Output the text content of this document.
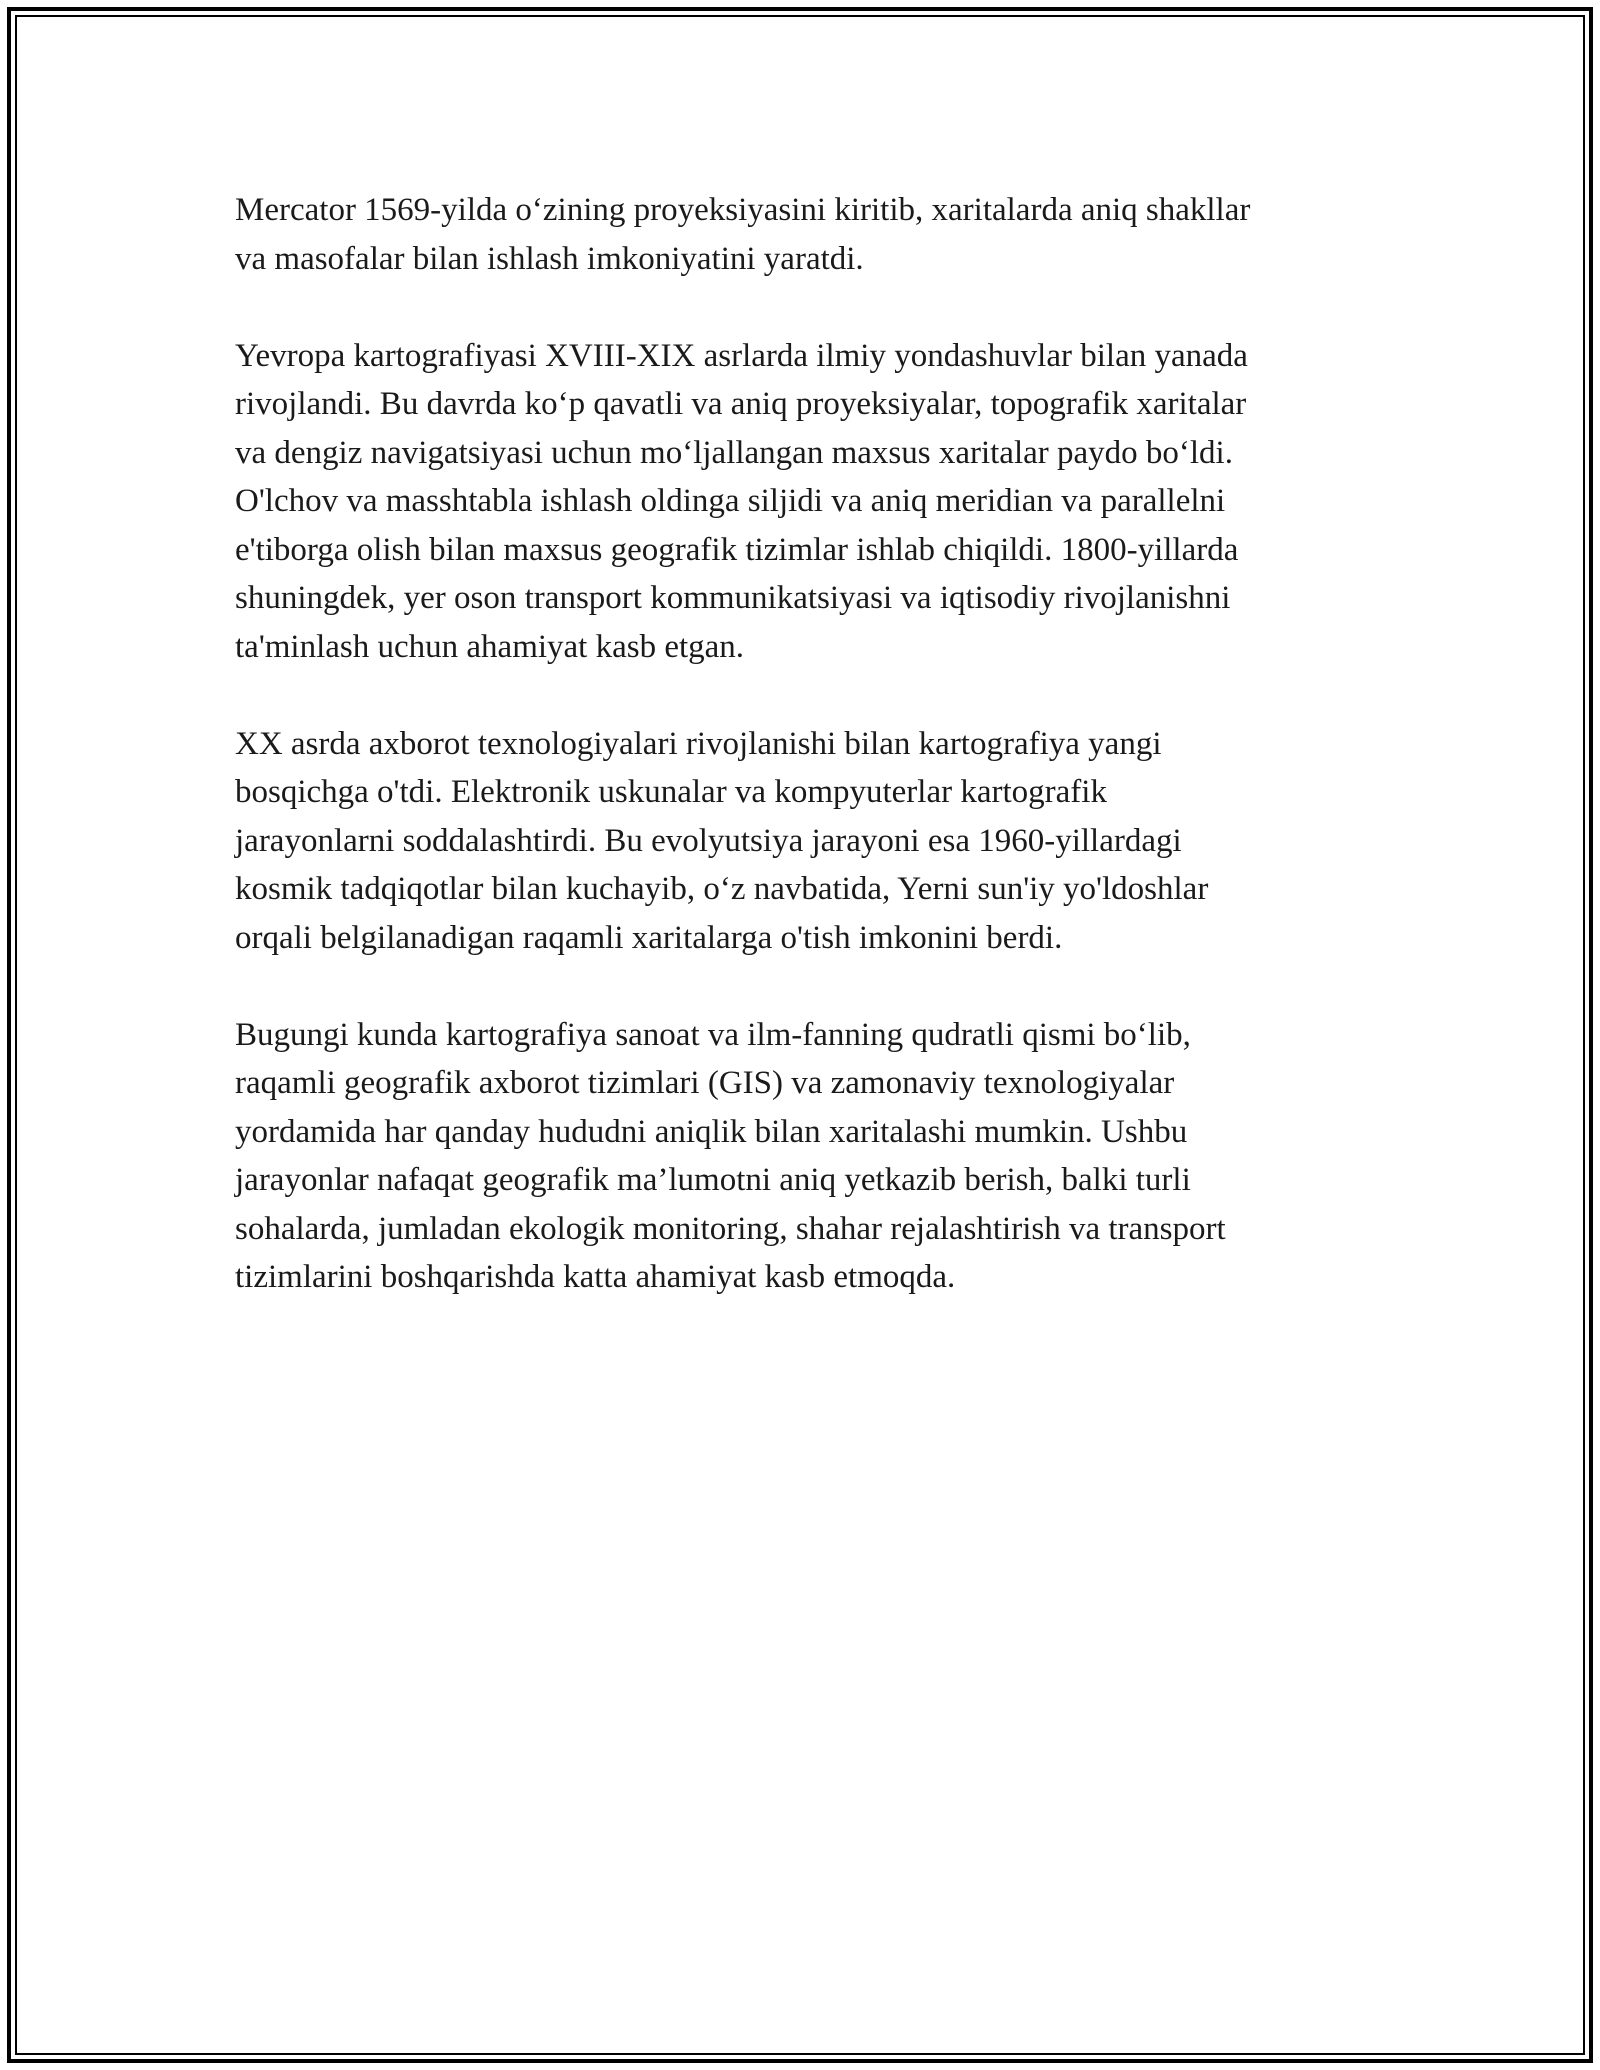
Mercator 1569-yilda o‘zining proyeksiyasini kiritib, xaritalarda aniq shakllar
va masofalar bilan ishlash imkoniyatini yaratdi.

Yevropa kartografiyasi XVIII-XIX asrlarda ilmiy yondashuvlar bilan yanada
rivojlandi. Bu davrda ko‘p qavatli va aniq proyeksiyalar, topografik xaritalar
va dengiz navigatsiyasi uchun mo‘ljallangan maxsus xaritalar paydo bo‘ldi.
O'lchov va masshtabla ishlash oldinga siljidi va aniq meridian va parallelni
e'tiborga olish bilan maxsus geografik tizimlar ishlab chiqildi. 1800-yillarda
shuningdek, yer oson transport kommunikatsiyasi va iqtisodiy rivojlanishni
ta'minlash uchun ahamiyat kasb etgan.

XX asrda axborot texnologiyalari rivojlanishi bilan kartografiya yangi
bosqichga o'tdi. Elektronik uskunalar va kompyuterlar kartografik
jarayonlarni soddalashtirdi. Bu evolyutsiya jarayoni esa 1960-yillardagi
kosmik tadqiqotlar bilan kuchayib, o‘z navbatida, Yerni sun'iy yo'ldoshlar
orqali belgilanadigan raqamli xaritalarga o'tish imkonini berdi.

Bugungi kunda kartografiya sanoat va ilm-fanning qudratli qismi bo‘lib,
raqamli geografik axborot tizimlari (GIS) va zamonaviy texnologiyalar
yordamida har qanday hududni aniqlik bilan xaritalashi mumkin. Ushbu
jarayonlar nafaqat geografik ma’lumotni aniq yetkazib berish, balki turli
sohalarda, jumladan ekologik monitoring, shahar rejalashtirish va transport
tizimlarini boshqarishda katta ahamiyat kasb etmoqda.
